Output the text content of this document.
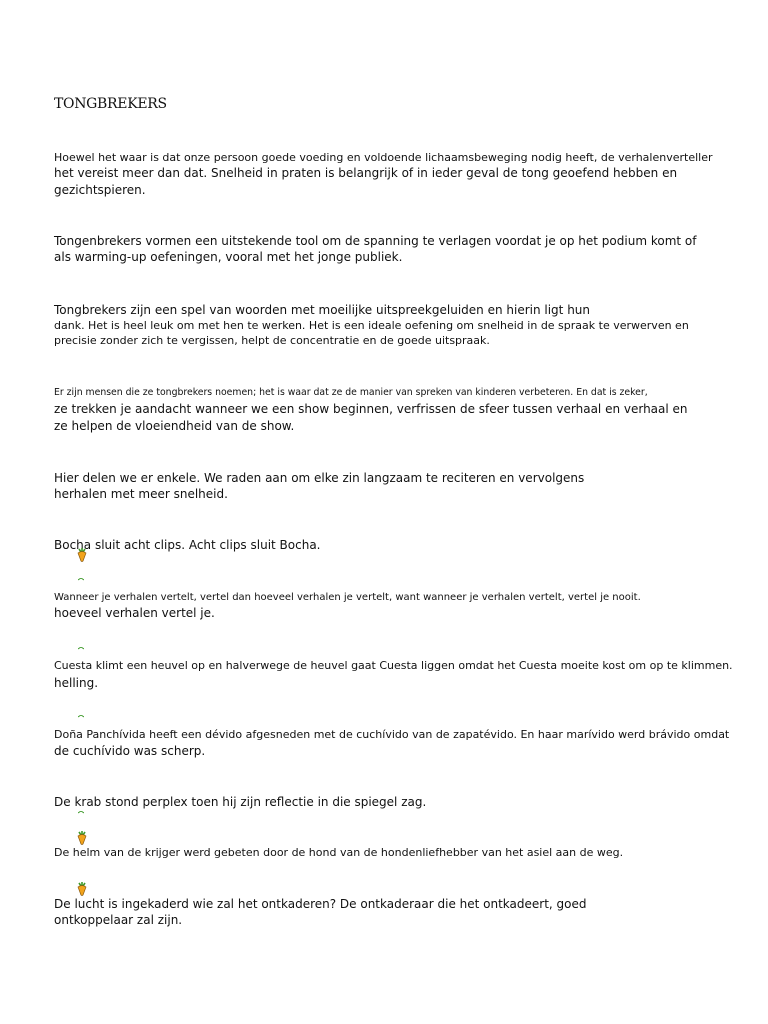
TONGBREKERS
Hoewel het waar is dat onze persoon goede voeding en voldoende lichaamsbeweging nodig heeft, de verhalenverteller
het vereist meer dan dat. Snelheid in praten is belangrijk of in ieder geval de tong geoefend hebben en
gezichtspieren.
Tongenbrekers vormen een uitstekende tool om de spanning te verlagen voordat je op het podium komt of
als warming-up oefeningen, vooral met het jonge publiek.
Tongbrekers zijn een spel van woorden met moeilijke uitspreekgeluiden en hierin ligt hun
dank. Het is heel leuk om met hen te werken. Het is een ideale oefening om snelheid in de spraak te verwerven en
precisie zonder zich te vergissen, helpt de concentratie en de goede uitspraak.
Er zijn mensen die ze tongbrekers noemen; het is waar dat ze de manier van spreken van kinderen verbeteren. En dat is zeker,
ze trekken je aandacht wanneer we een show beginnen, verfrissen de sfeer tussen verhaal en verhaal en
ze helpen de vloeiendheid van de show.
Hier delen we er enkele. We raden aan om elke zin langzaam te reciteren en vervolgens
herhalen met meer snelheid.
Bocha sluit acht clips. Acht clips sluit Bocha.
Wanneer je verhalen vertelt, vertel dan hoeveel verhalen je vertelt, want wanneer je verhalen vertelt, vertel je nooit.
hoeveel verhalen vertel je.
Cuesta klimt een heuvel op en halverwege de heuvel gaat Cuesta liggen omdat het Cuesta moeite kost om op te klimmen.
helling.
Doña Panchívida heeft een dévido afgesneden met de cuchívido van de zapatévido. En haar marívido werd brávido omdat
de cuchívido was scherp.
De krab stond perplex toen hij zijn reflectie in die spiegel zag.
De helm van de krijger werd gebeten door de hond van de hondenliefhebber van het asiel aan de weg.
De lucht is ingekaderd wie zal het ontkaderen? De ontkaderaar die het ontkadeert, goed
ontkoppelaar zal zijn.
